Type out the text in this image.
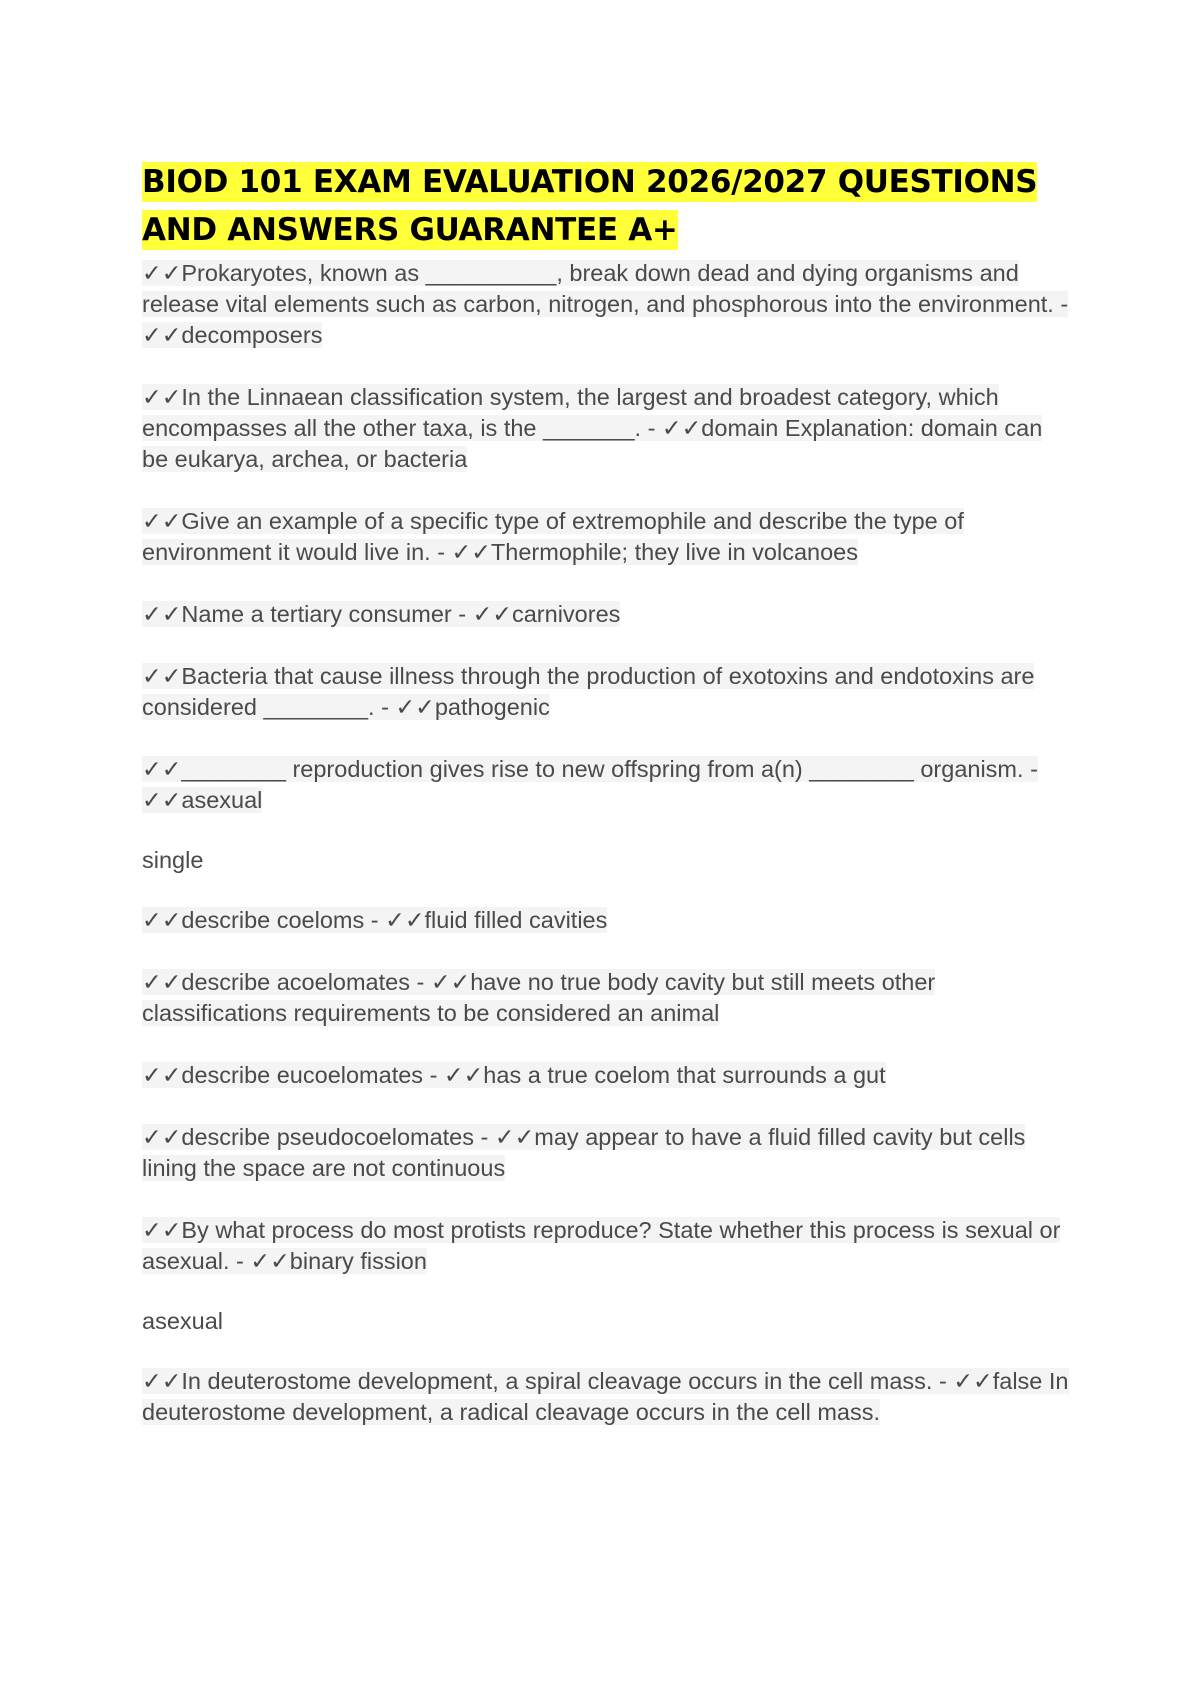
BIOD 101 EXAM EVALUATION 2026/2027 QUESTIONS
AND ANSWERS GUARANTEE A+
✓✓Prokaryotes, known as __________, break down dead and dying organisms and release vital elements such as carbon, nitrogen, and phosphorous into the environment. - ✓✓decomposers
✓✓In the Linnaean classification system, the largest and broadest category, which encompasses all the other taxa, is the _______. - ✓✓domain Explanation: domain can be eukarya, archea, or bacteria
✓✓Give an example of a specific type of extremophile and describe the type of environment it would live in. - ✓✓Thermophile; they live in volcanoes
✓✓Name a tertiary consumer - ✓✓carnivores
✓✓Bacteria that cause illness through the production of exotoxins and endotoxins are considered ________. - ✓✓pathogenic
✓✓________ reproduction gives rise to new offspring from a(n) ________ organism. - ✓✓asexual
single
✓✓describe coeloms - ✓✓fluid filled cavities
✓✓describe acoelomates - ✓✓have no true body cavity but still meets other classifications requirements to be considered an animal
✓✓describe eucoelomates - ✓✓has a true coelom that surrounds a gut
✓✓describe pseudocoelomates - ✓✓may appear to have a fluid filled cavity but cells lining the space are not continuous
✓✓By what process do most protists reproduce? State whether this process is sexual or asexual. - ✓✓binary fission
asexual
✓✓In deuterostome development, a spiral cleavage occurs in the cell mass. - ✓✓false In deuterostome development, a radical cleavage occurs in the cell mass.
